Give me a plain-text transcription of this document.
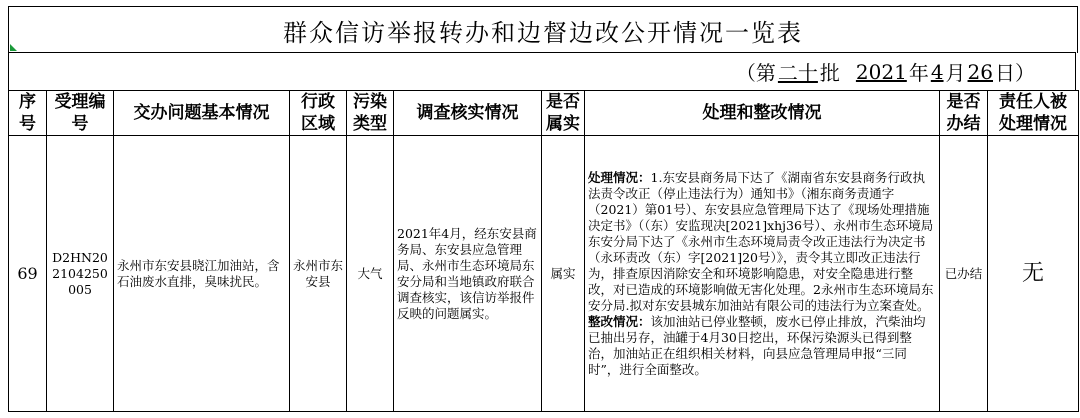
群众信访举报转办和边督边改公开情况一览表
（第 二十 批 2021 年 4 月 26 日）
序号	受理编号	交办问题基本情况	行政区域	污染类型	调查核实情况	是否属实	处理和整改情况	是否办结	责任人被处理情况
69	D2HN202104250005	永州市东安县晓江加油站，含石油废水直排，臭味扰民。	永州市东安县	大气	2021年4月，经东安县商务局、东安县应急管理局、永州市生态环境局东安分局和当地镇政府联合调查核实，该信访举报件反映的问题属实。	属实	处理情况：1.东安县商务局下达了《湖南省东安县商务行政执法责令改正（停止违法行为）通知书》（湘东商务责通字（2021）第01号）、东安县应急管理局下达了《现场处理措施决定书》（（东）安监现决[2021]xhj36号）、永州市生态环境局东安分局下达了《永州市生态环境局责令改正违法行为决定书（永环责改（东）字[2021]20号）》，责令其立即改正违法行为，排查原因消除安全和环境影响隐患，对安全隐患进行整改，对已造成的环境影响做无害化处理。2永州市生态环境局东安分局.拟对东安县城东加油站有限公司的违法行为立案查处。

整改情况：该加油站已停业整顿，废水已停止排放，汽柴油均已抽出另存，油罐于4月30日挖出，环保污染源头已得到整治，加油站正在组织相关材料，向县应急管理局申报“三同时”，进行全面整改。	已办结	无
